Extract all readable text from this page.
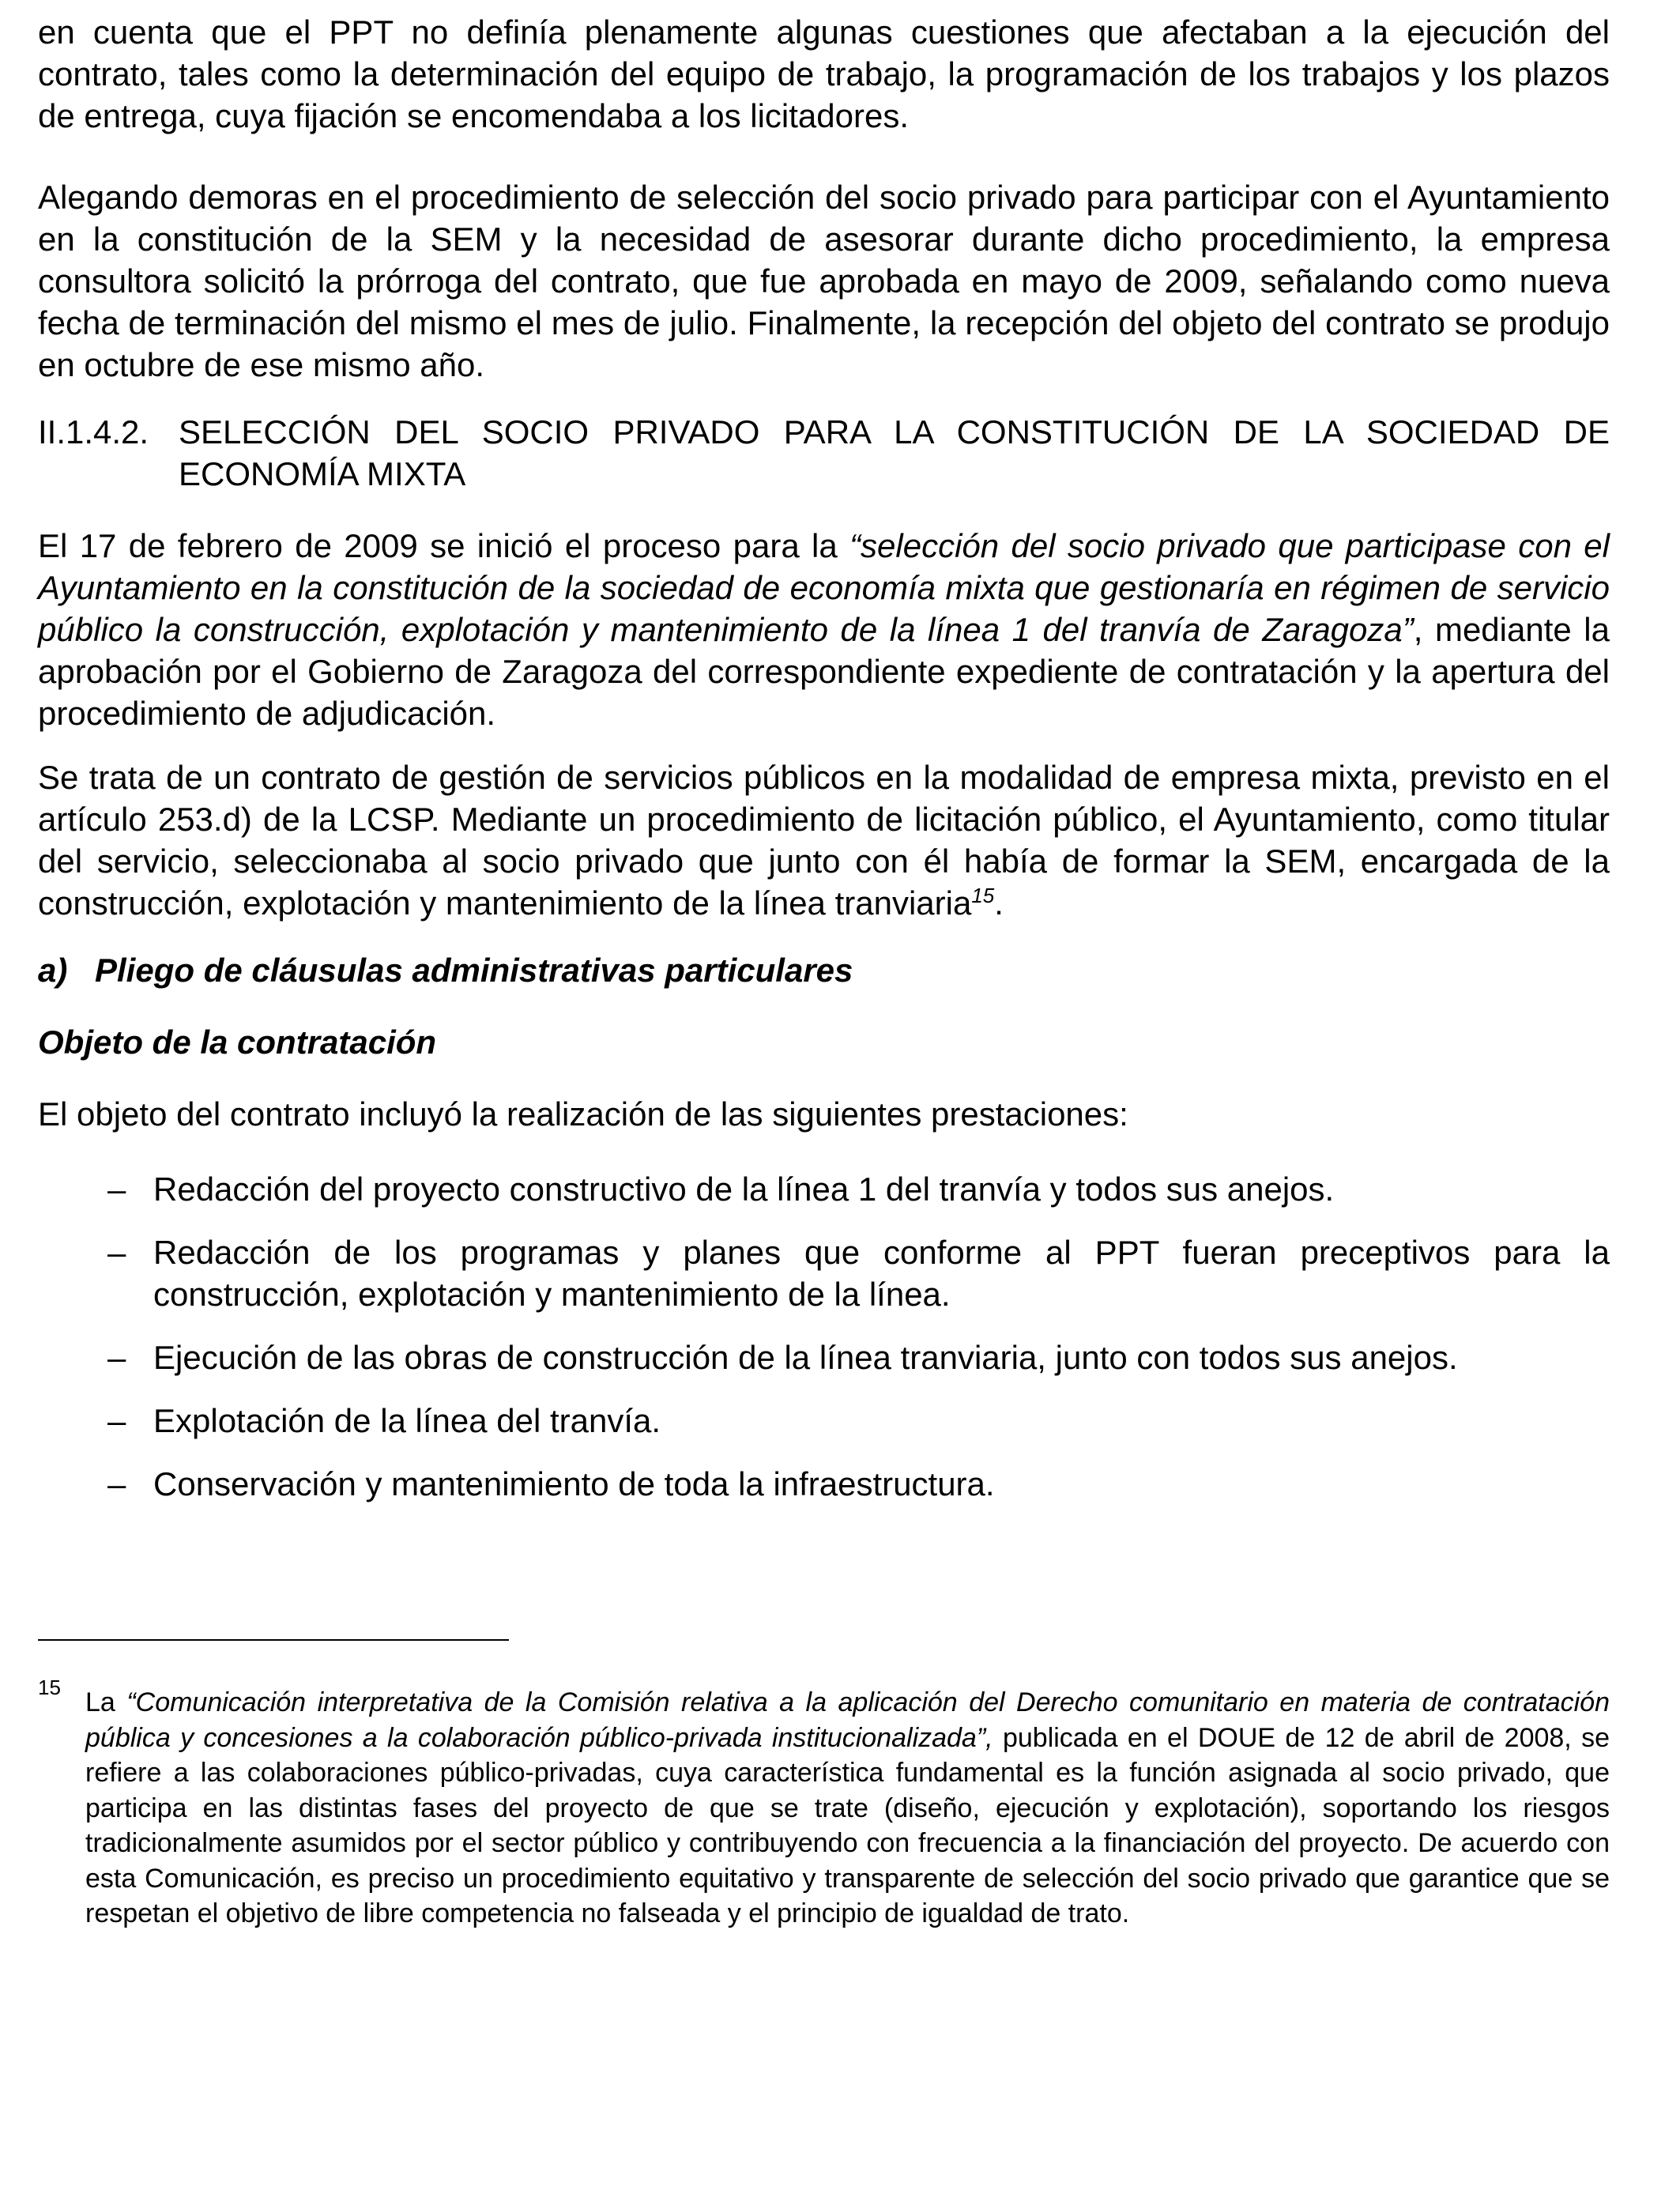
en cuenta que el PPT no definía plenamente algunas cuestiones que afectaban a la ejecución del contrato, tales como la determinación del equipo de trabajo, la programación de los trabajos y los plazos de entrega, cuya fijación se encomendaba a los licitadores.

Alegando demoras en el procedimiento de selección del socio privado para participar con el Ayuntamiento en la constitución de la SEM y la necesidad de asesorar durante dicho procedimiento, la empresa consultora solicitó la prórroga del contrato, que fue aprobada en mayo de 2009, señalando como nueva fecha de terminación del mismo el mes de julio. Finalmente, la recepción del objeto del contrato se produjo en octubre de ese mismo año.

II.1.4.2. SELECCIÓN DEL SOCIO PRIVADO PARA LA CONSTITUCIÓN DE LA SOCIEDAD DE ECONOMÍA MIXTA

El 17 de febrero de 2009 se inició el proceso para la “selección del socio privado que participase con el Ayuntamiento en la constitución de la sociedad de economía mixta que gestionaría en régimen de servicio público la construcción, explotación y mantenimiento de la línea 1 del tranvía de Zaragoza”, mediante la aprobación por el Gobierno de Zaragoza del correspondiente expediente de contratación y la apertura del procedimiento de adjudicación.

Se trata de un contrato de gestión de servicios públicos en la modalidad de empresa mixta, previsto en el artículo 253.d) de la LCSP. Mediante un procedimiento de licitación público, el Ayuntamiento, como titular del servicio, seleccionaba al socio privado que junto con él había de formar la SEM, encargada de la construcción, explotación y mantenimiento de la línea tranviaria$^{15}$.

a) Pliego de cláusulas administrativas particulares

Objeto de la contratación

El objeto del contrato incluyó la realización de las siguientes prestaciones:

– Redacción del proyecto constructivo de la línea 1 del tranvía y todos sus anejos.
– Redacción de los programas y planes que conforme al PPT fueran preceptivos para la construcción, explotación y mantenimiento de la línea.
– Ejecución de las obras de construcción de la línea tranviaria, junto con todos sus anejos.
– Explotación de la línea del tranvía.
– Conservación y mantenimiento de toda la infraestructura.
15 La “Comunicación interpretativa de la Comisión relativa a la aplicación del Derecho comunitario en materia de contratación pública y concesiones a la colaboración público-privada institucionalizada”, publicada en el DOUE de 12 de abril de 2008, se refiere a las colaboraciones público-privadas, cuya característica fundamental es la función asignada al socio privado, que participa en las distintas fases del proyecto de que se trate (diseño, ejecución y explotación), soportando los riesgos tradicionalmente asumidos por el sector público y contribuyendo con frecuencia a la financiación del proyecto. De acuerdo con esta Comunicación, es preciso un procedimiento equitativo y transparente de selección del socio privado que garantice que se respetan el objetivo de libre competencia no falseada y el principio de igualdad de trato.
